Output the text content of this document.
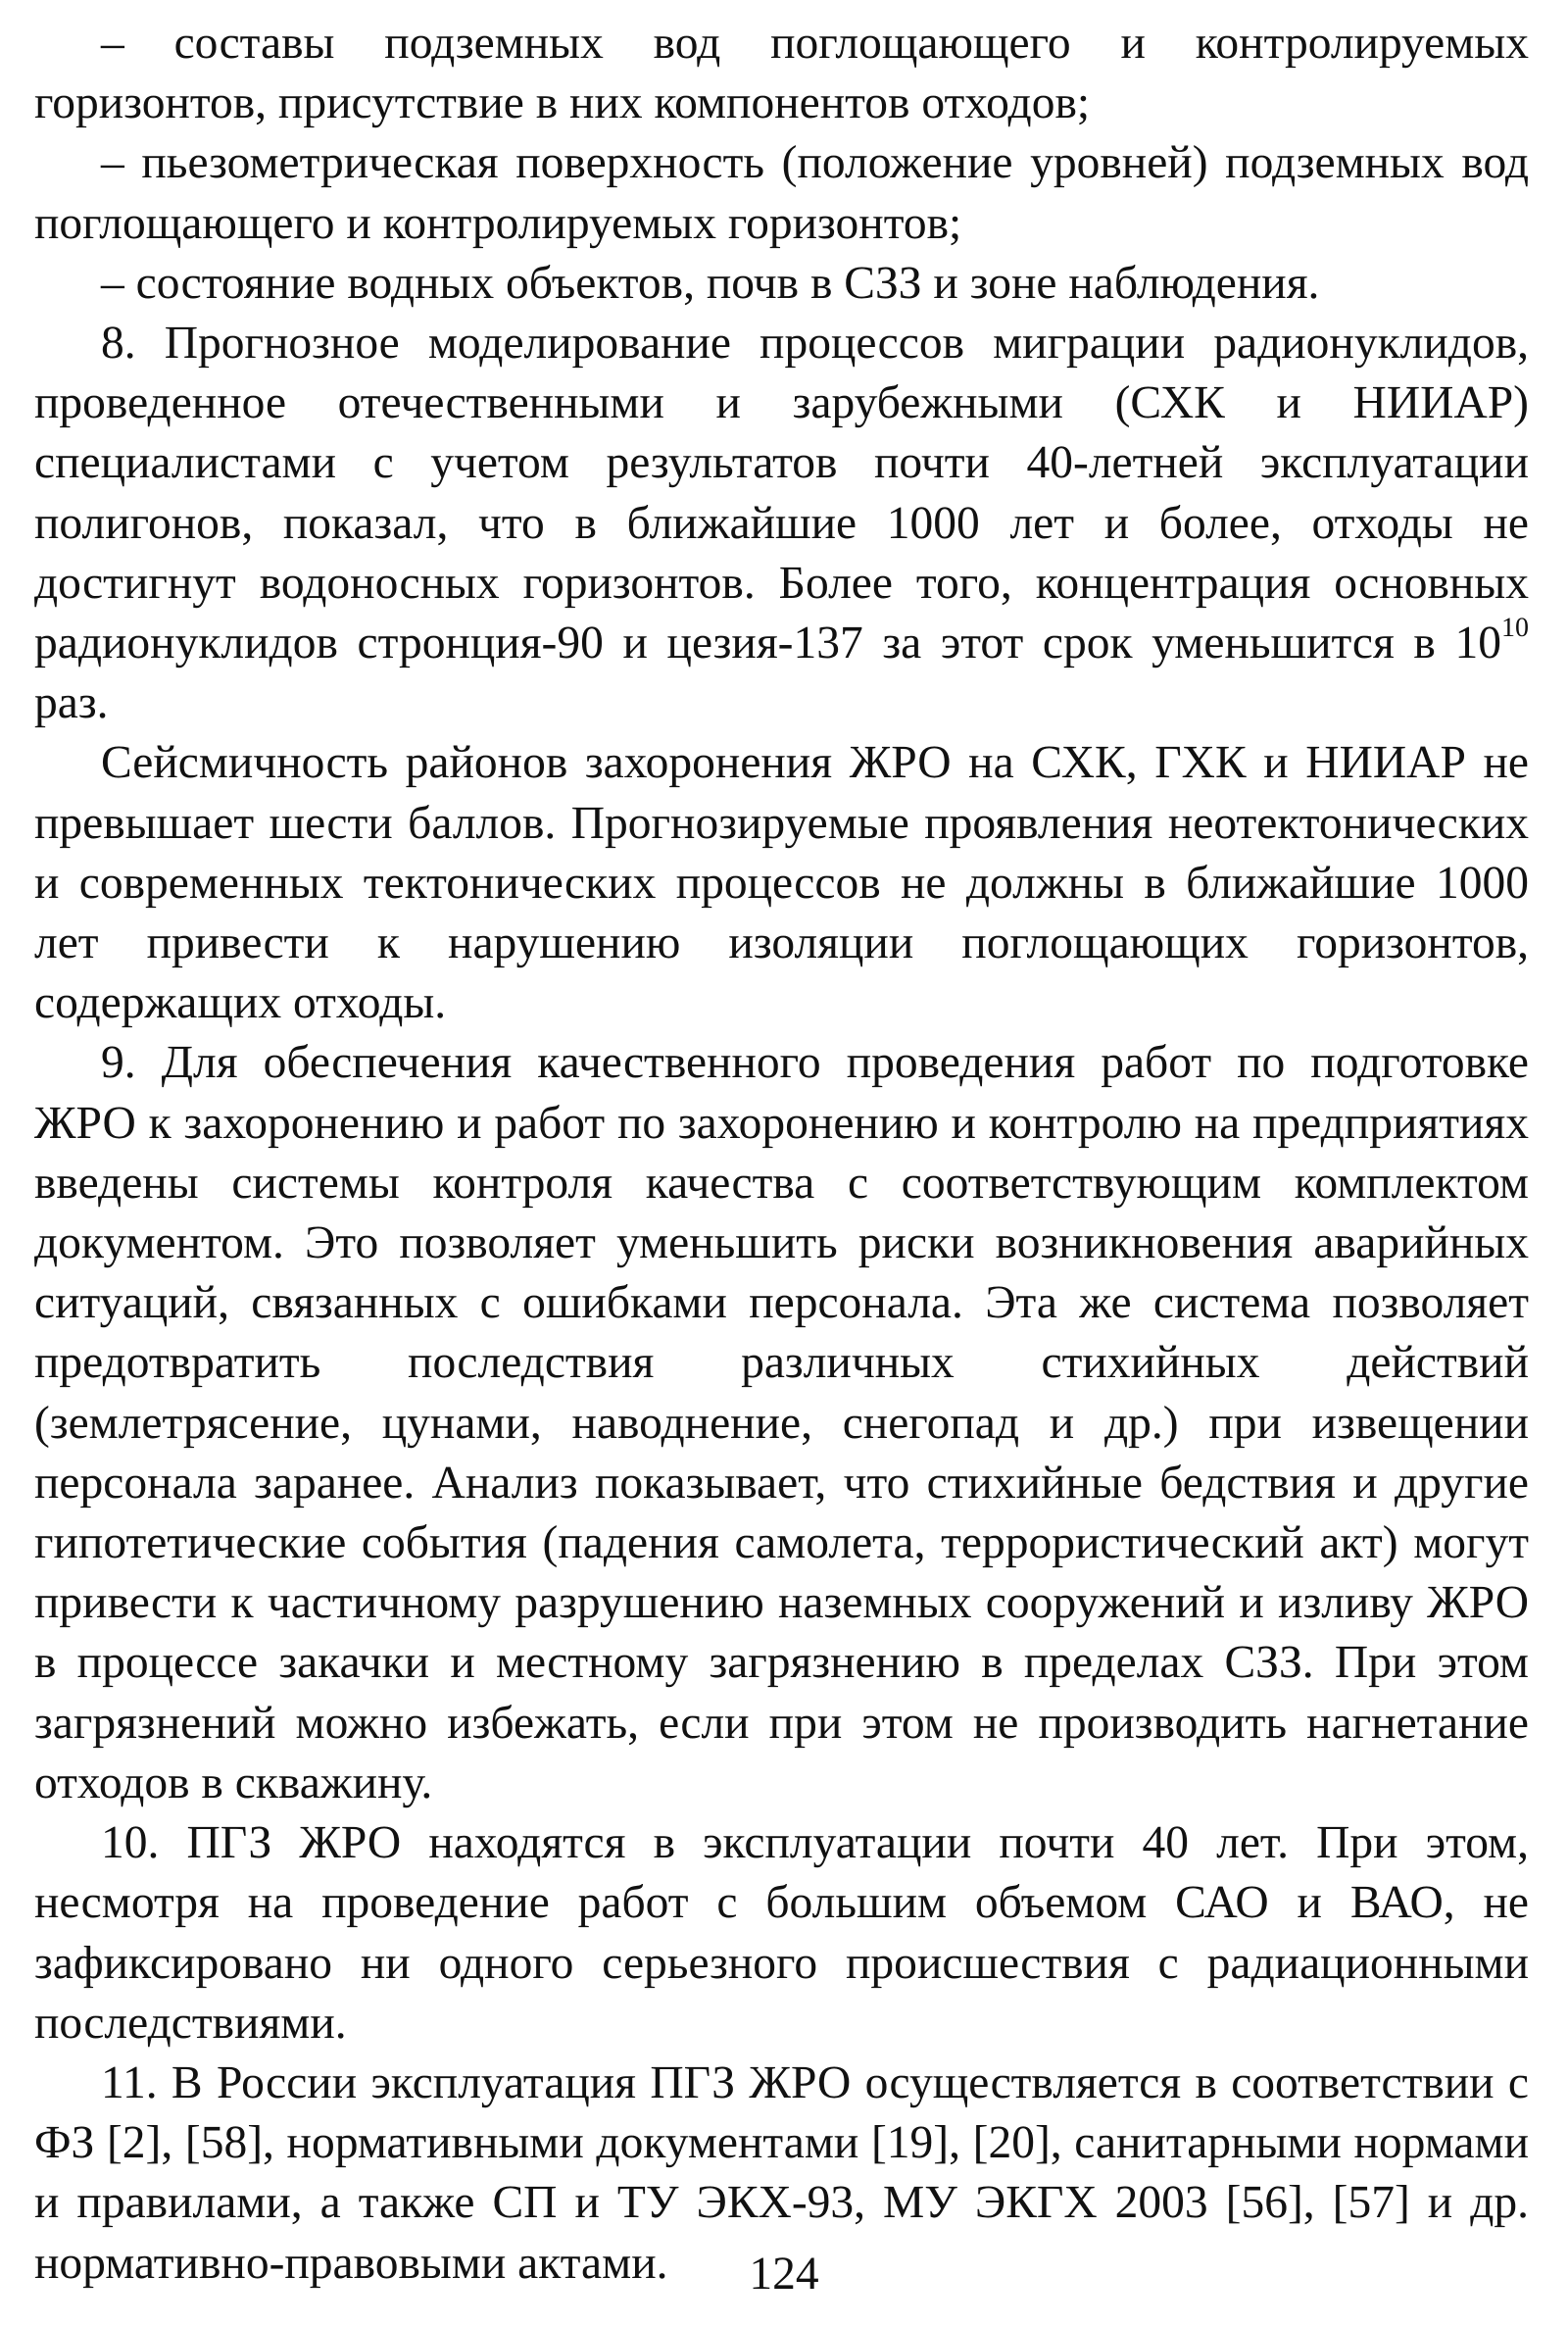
– составы подземных вод поглощающего и контролируемых горизонтов, присутствие в них компонентов отходов;

– пьезометрическая поверхность (положение уровней) подземных вод поглощающего и контролируемых горизонтов;

– состояние водных объектов, почв в СЗЗ и зоне наблюдения.

8. Прогнозное моделирование процессов миграции радионуклидов, проведенное отечественными и зарубежными (СХК и НИИАР) специалистами с учетом результатов почти 40-летней эксплуатации полигонов, показал, что в ближайшие 1000 лет и более, отходы не достигнут водоносных горизонтов. Более того, концентрация основных радионуклидов стронция-90 и цезия-137 за этот срок уменьшится в $10^{10}$ раз.

Сейсмичность районов захоронения ЖРО на СХК, ГХК и НИИАР не превышает шести баллов. Прогнозируемые проявления неотектонических и современных тектонических процессов не должны в ближайшие 1000 лет привести к нарушению изоляции поглощающих горизонтов, содержащих отходы.

9. Для обеспечения качественного проведения работ по подготовке ЖРО к захоронению и работ по захоронению и контролю на предприятиях введены системы контроля качества с соответствующим комплектом документом. Это позволяет уменьшить риски возникновения аварийных ситуаций, связанных с ошибками персонала. Эта же система позволяет предотвратить последствия различных стихийных действий (землетрясение, цунами, наводнение, снегопад и др.) при извещении персонала заранее. Анализ показывает, что стихийные бедствия и другие гипотетические события (падения самолета, террористический акт) могут привести к частичному разрушению наземных сооружений и изливу ЖРО в процессе закачки и местному загрязнению в пределах СЗЗ. При этом загрязнений можно избежать, если при этом не производить нагнетание отходов в скважину.

10. ПГЗ ЖРО находятся в эксплуатации почти 40 лет. При этом, несмотря на проведение работ с большим объемом САО и ВАО, не зафиксировано ни одного серьезного происшествия с радиационными последствиями.

11. В России эксплуатация ПГЗ ЖРО осуществляется в соответствии с ФЗ [2], [58], нормативными документами [19], [20], санитарными нормами и правилами, а также СП и ТУ ЭКХ-93, МУ ЭКГХ 2003 [56], [57] и др. нормативно-правовыми актами.	124
